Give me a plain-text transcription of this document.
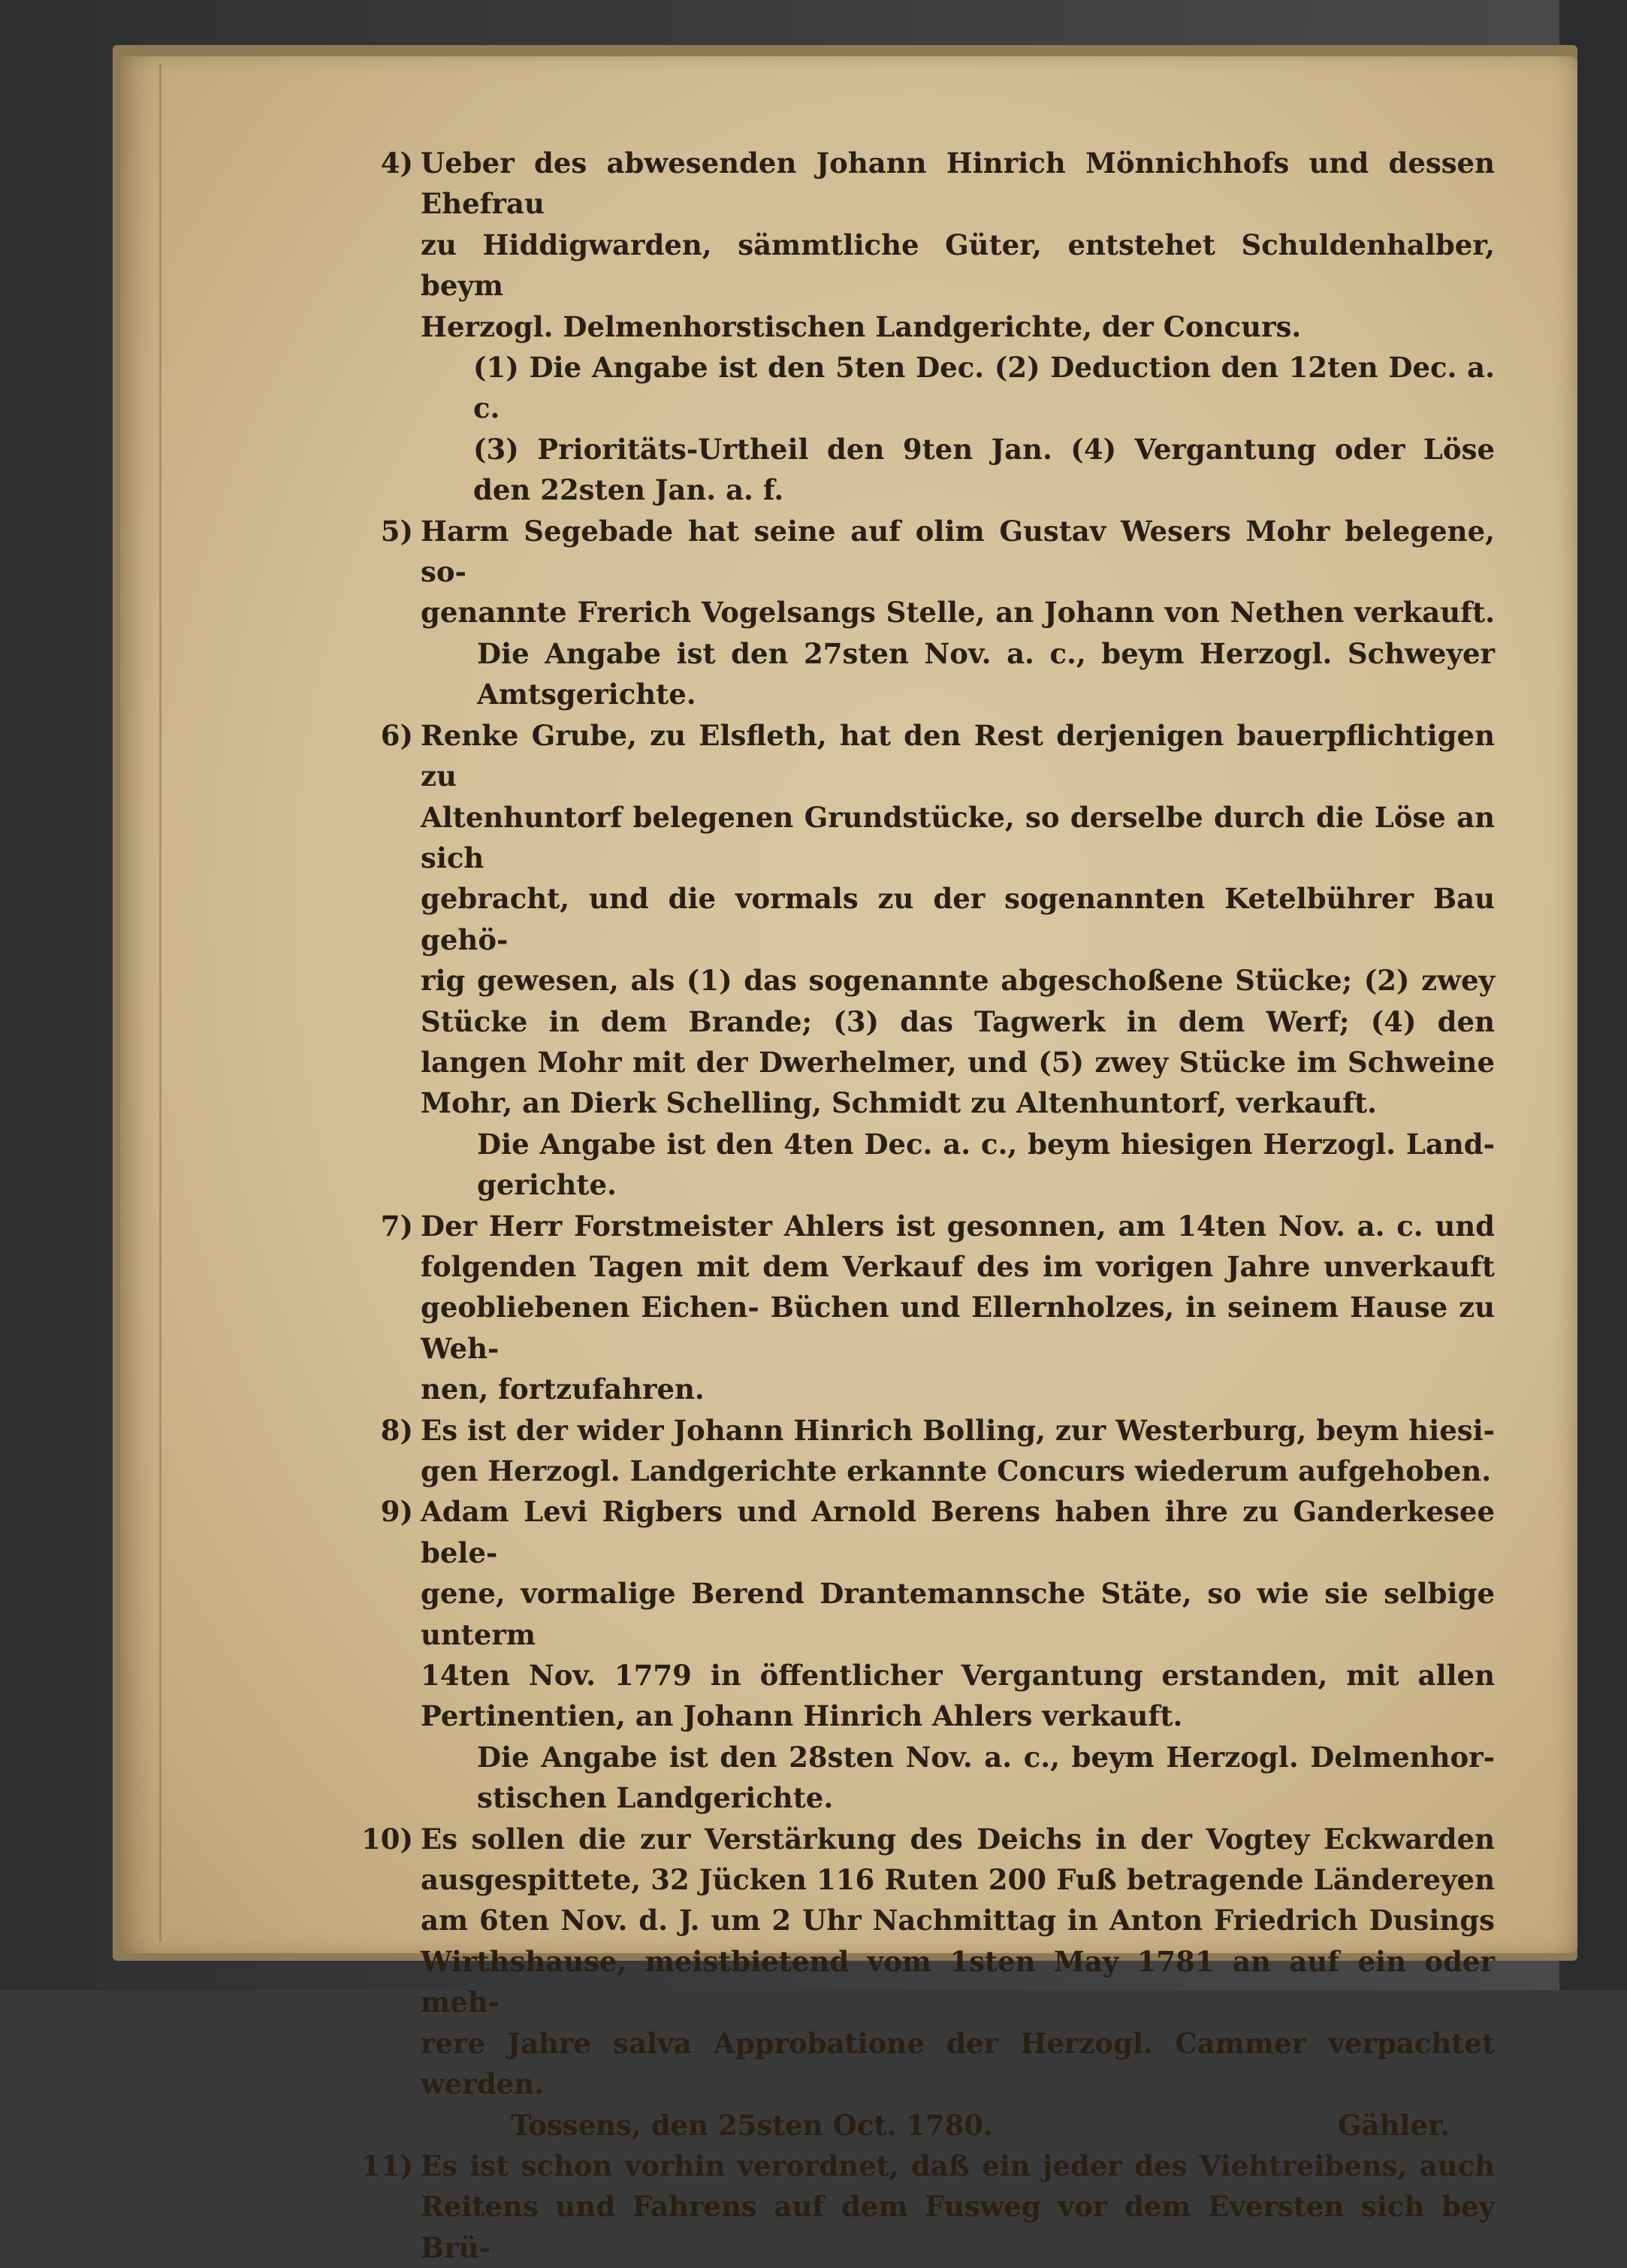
4) Ueber des abwesenden Johann Hinrich Mönnichhofs und dessen Ehefrau
zu Hiddigwarden, sämmtliche Güter, entstehet Schuldenhalber, beym
Herzogl. Delmenhorstischen Landgerichte, der Concurs.
(1) Die Angabe ist den 5ten Dec. (2) Deduction den 12ten Dec. a. c.
(3) Prioritäts-Urtheil den 9ten Jan. (4) Vergantung oder Löse
den 22sten Jan. a. f.
5) Harm Segebade hat seine auf olim Gustav Wesers Mohr belegene, so-
genannte Frerich Vogelsangs Stelle, an Johann von Nethen verkauft.
Die Angabe ist den 27sten Nov. a. c., beym Herzogl. Schweyer
Amtsgerichte.
6) Renke Grube, zu Elsfleth, hat den Rest derjenigen bauerpflichtigen zu
Altenhuntorf belegenen Grundstücke, so derselbe durch die Löse an sich
gebracht, und die vormals zu der sogenannten Ketelbührer Bau gehö-
rig gewesen, als (1) das sogenannte abgeschoßene Stücke; (2) zwey
Stücke in dem Brande; (3) das Tagwerk in dem Werf; (4) den
langen Mohr mit der Dwerhelmer, und (5) zwey Stücke im Schweine
Mohr, an Dierk Schelling, Schmidt zu Altenhuntorf, verkauft.
Die Angabe ist den 4ten Dec. a. c., beym hiesigen Herzogl. Land-
gerichte.
7) Der Herr Forstmeister Ahlers ist gesonnen, am 14ten Nov. a. c. und
folgenden Tagen mit dem Verkauf des im vorigen Jahre unverkauft
geobliebenen Eichen- Büchen und Ellernholzes, in seinem Hause zu Weh-
nen, fortzufahren.
8) Es ist der wider Johann Hinrich Bolling, zur Westerburg, beym hiesi-
gen Herzogl. Landgerichte erkannte Concurs wiederum aufgehoben.
9) Adam Levi Rigbers und Arnold Berens haben ihre zu Ganderkesee bele-
gene, vormalige Berend Drantemannsche Stäte, so wie sie selbige unterm
14ten Nov. 1779 in öffentlicher Vergantung erstanden, mit allen
Pertinentien, an Johann Hinrich Ahlers verkauft.
Die Angabe ist den 28sten Nov. a. c., beym Herzogl. Delmenhor-
stischen Landgerichte.
10) Es sollen die zur Verstärkung des Deichs in der Vogtey Eckwarden
ausgespittete, 32 Jücken 116 Ruten 200 Fuß betragende Ländereyen
am 6ten Nov. d. J. um 2 Uhr Nachmittag in Anton Friedrich Dusings
Wirthshause, meistbietend vom 1sten May 1781 an auf ein oder meh-
rere Jahre salva Approbatione der Herzogl. Cammer verpachtet werden.
Tossens, den 25sten Oct. 1780.	Gähler.
11) Es ist schon vorhin verordnet, daß ein jeder des Viehtreibens, auch
Reitens und Fahrens auf dem Fusweg vor dem Eversten sich bey Brü-
